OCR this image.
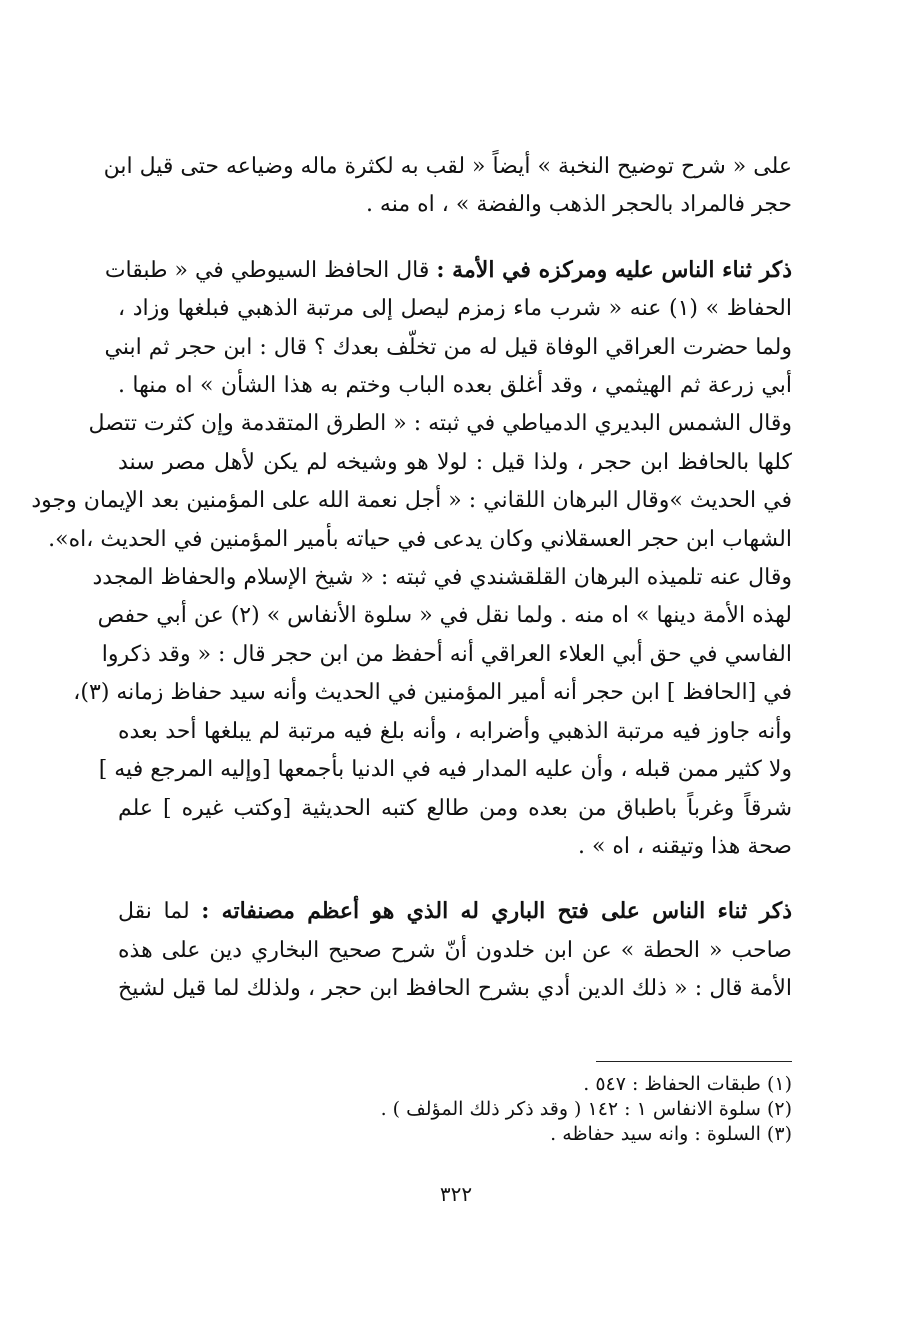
على « شرح توضيح النخبة » أيضاً « لقب به لكثرة ماله وضياعه حتى قيل ابن
حجر فالمراد بالحجر الذهب والفضة » ، اه منه .
ذكر ثناء الناس عليه ومركزه في الأمة : قال الحافظ السيوطي في « طبقات
الحفاظ » (١) عنه « شرب ماء زمزم ليصل إلى مرتبة الذهبي فبلغها وزاد ،
ولما حضرت العراقي الوفاة قيل له من تخلّف بعدك ؟ قال : ابن حجر ثم ابني
أبي زرعة ثم الهيثمي ، وقد أغلق بعده الباب وختم به هذا الشأن » اه منها .
وقال الشمس البديري الدمياطي في ثبته : « الطرق المتقدمة وإن كثرت تتصل
كلها بالحافظ ابن حجر ، ولذا قيل : لولا هو وشيخه لم يكن لأهل مصر سند
في الحديث »وقال البرهان اللقاني : « أجل نعمة الله على المؤمنين بعد الإيمان وجود
الشهاب ابن حجر العسقلاني وكان يدعى في حياته بأمير المؤمنين في الحديث ،اه».
وقال عنه تلميذه البرهان القلقشندي في ثبته : « شيخ الإسلام والحفاظ المجدد
لهذه الأمة دينها » اه منه . ولما نقل في « سلوة الأنفاس » (٢) عن أبي حفص
الفاسي في حق أبي العلاء العراقي أنه أحفظ من ابن حجر قال : « وقد ذكروا
في [الحافظ ] ابن حجر أنه أمير المؤمنين في الحديث وأنه سيد حفاظ زمانه (٣)،
وأنه جاوز فيه مرتبة الذهبي وأضرابه ، وأنه بلغ فيه مرتبة لم يبلغها أحد بعده
ولا كثير ممن قبله ، وأن عليه المدار فيه في الدنيا بأجمعها [وإليه المرجع فيه ]
شرقاً وغرباً باطباق من بعده ومن طالع كتبه الحديثية [وكتب غيره ] علم
صحة هذا وتيقنه ، اه » .
ذكر ثناء الناس على فتح الباري له الذي هو أعظم مصنفاته : لما نقل
صاحب « الحطة » عن ابن خلدون أنّ شرح صحيح البخاري دين على هذه
الأمة قال : « ذلك الدين أدي بشرح الحافظ ابن حجر ، ولذلك لما قيل لشيخ
(١) طبقات الحفاظ : ٥٤٧ .
(٢) سلوة الانفاس ١ : ١٤٢ ( وقد ذكر ذلك المؤلف ) .
(٣) السلوة : وانه سيد حفاظه .
٣٢٢
